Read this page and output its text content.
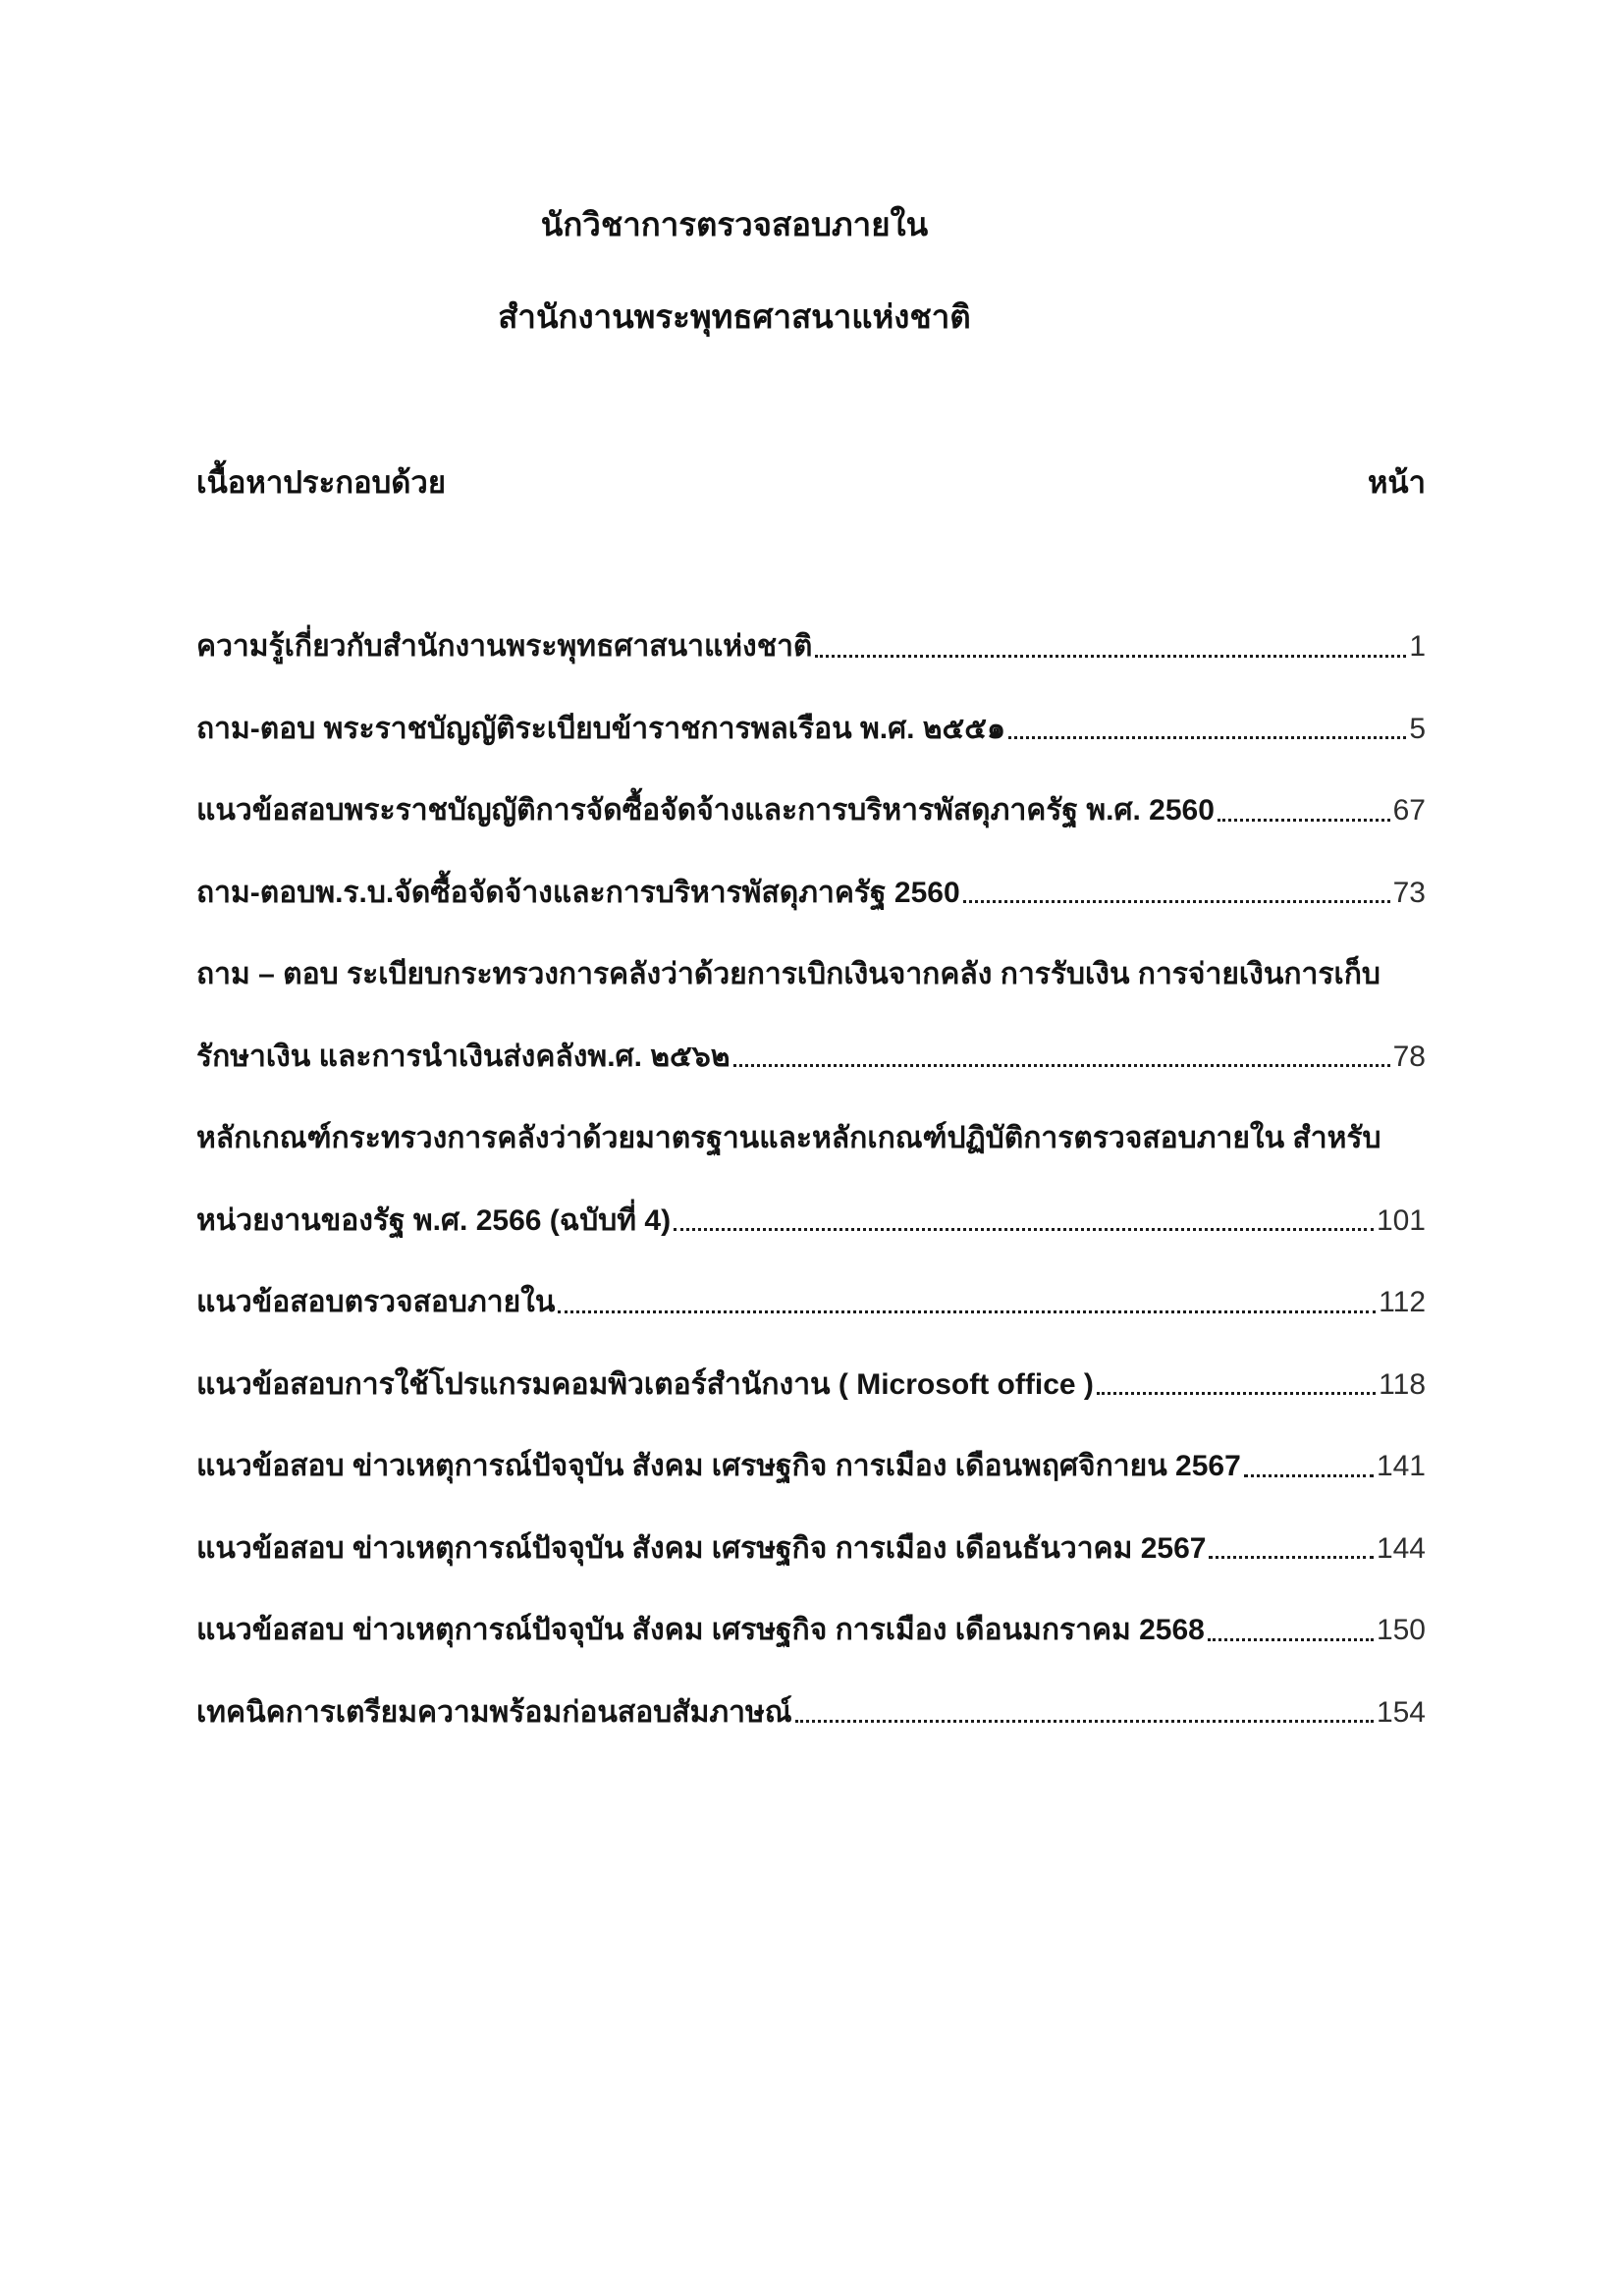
นักวิชาการตรวจสอบภายใน
สำนักงานพระพุทธศาสนาแห่งชาติ
เนื้อหาประกอบด้วย	หน้า
ความรู้เกี่ยวกับสำนักงานพระพุทธศาสนาแห่งชาติ	1
ถาม-ตอบ พระราชบัญญัติระเบียบข้าราชการพลเรือน พ.ศ. ๒๕๕๑	5
แนวข้อสอบพระราชบัญญัติการจัดซื้อจัดจ้างและการบริหารพัสดุภาครัฐ พ.ศ. 2560	67
ถาม-ตอบพ.ร.บ.จัดซื้อจัดจ้างและการบริหารพัสดุภาครัฐ 2560	73
ถาม – ตอบ ระเบียบกระทรวงการคลังว่าด้วยการเบิกเงินจากคลัง การรับเงิน การจ่ายเงินการเก็บ
รักษาเงิน และการนำเงินส่งคลังพ.ศ. ๒๕๖๒	78
หลักเกณฑ์กระทรวงการคลังว่าด้วยมาตรฐานและหลักเกณฑ์ปฏิบัติการตรวจสอบภายใน สำหรับ
หน่วยงานของรัฐ พ.ศ. 2566 (ฉบับที่ 4)	101
แนวข้อสอบตรวจสอบภายใน	112
แนวข้อสอบการใช้โปรแกรมคอมพิวเตอร์สำนักงาน ( Microsoft office )	118
แนวข้อสอบ ข่าวเหตุการณ์ปัจจุบัน สังคม เศรษฐกิจ การเมือง เดือนพฤศจิกายน 2567	141
แนวข้อสอบ ข่าวเหตุการณ์ปัจจุบัน สังคม เศรษฐกิจ การเมือง เดือนธันวาคม 2567	144
แนวข้อสอบ ข่าวเหตุการณ์ปัจจุบัน สังคม เศรษฐกิจ การเมือง เดือนมกราคม 2568	150
เทคนิคการเตรียมความพร้อมก่อนสอบสัมภาษณ์	154
